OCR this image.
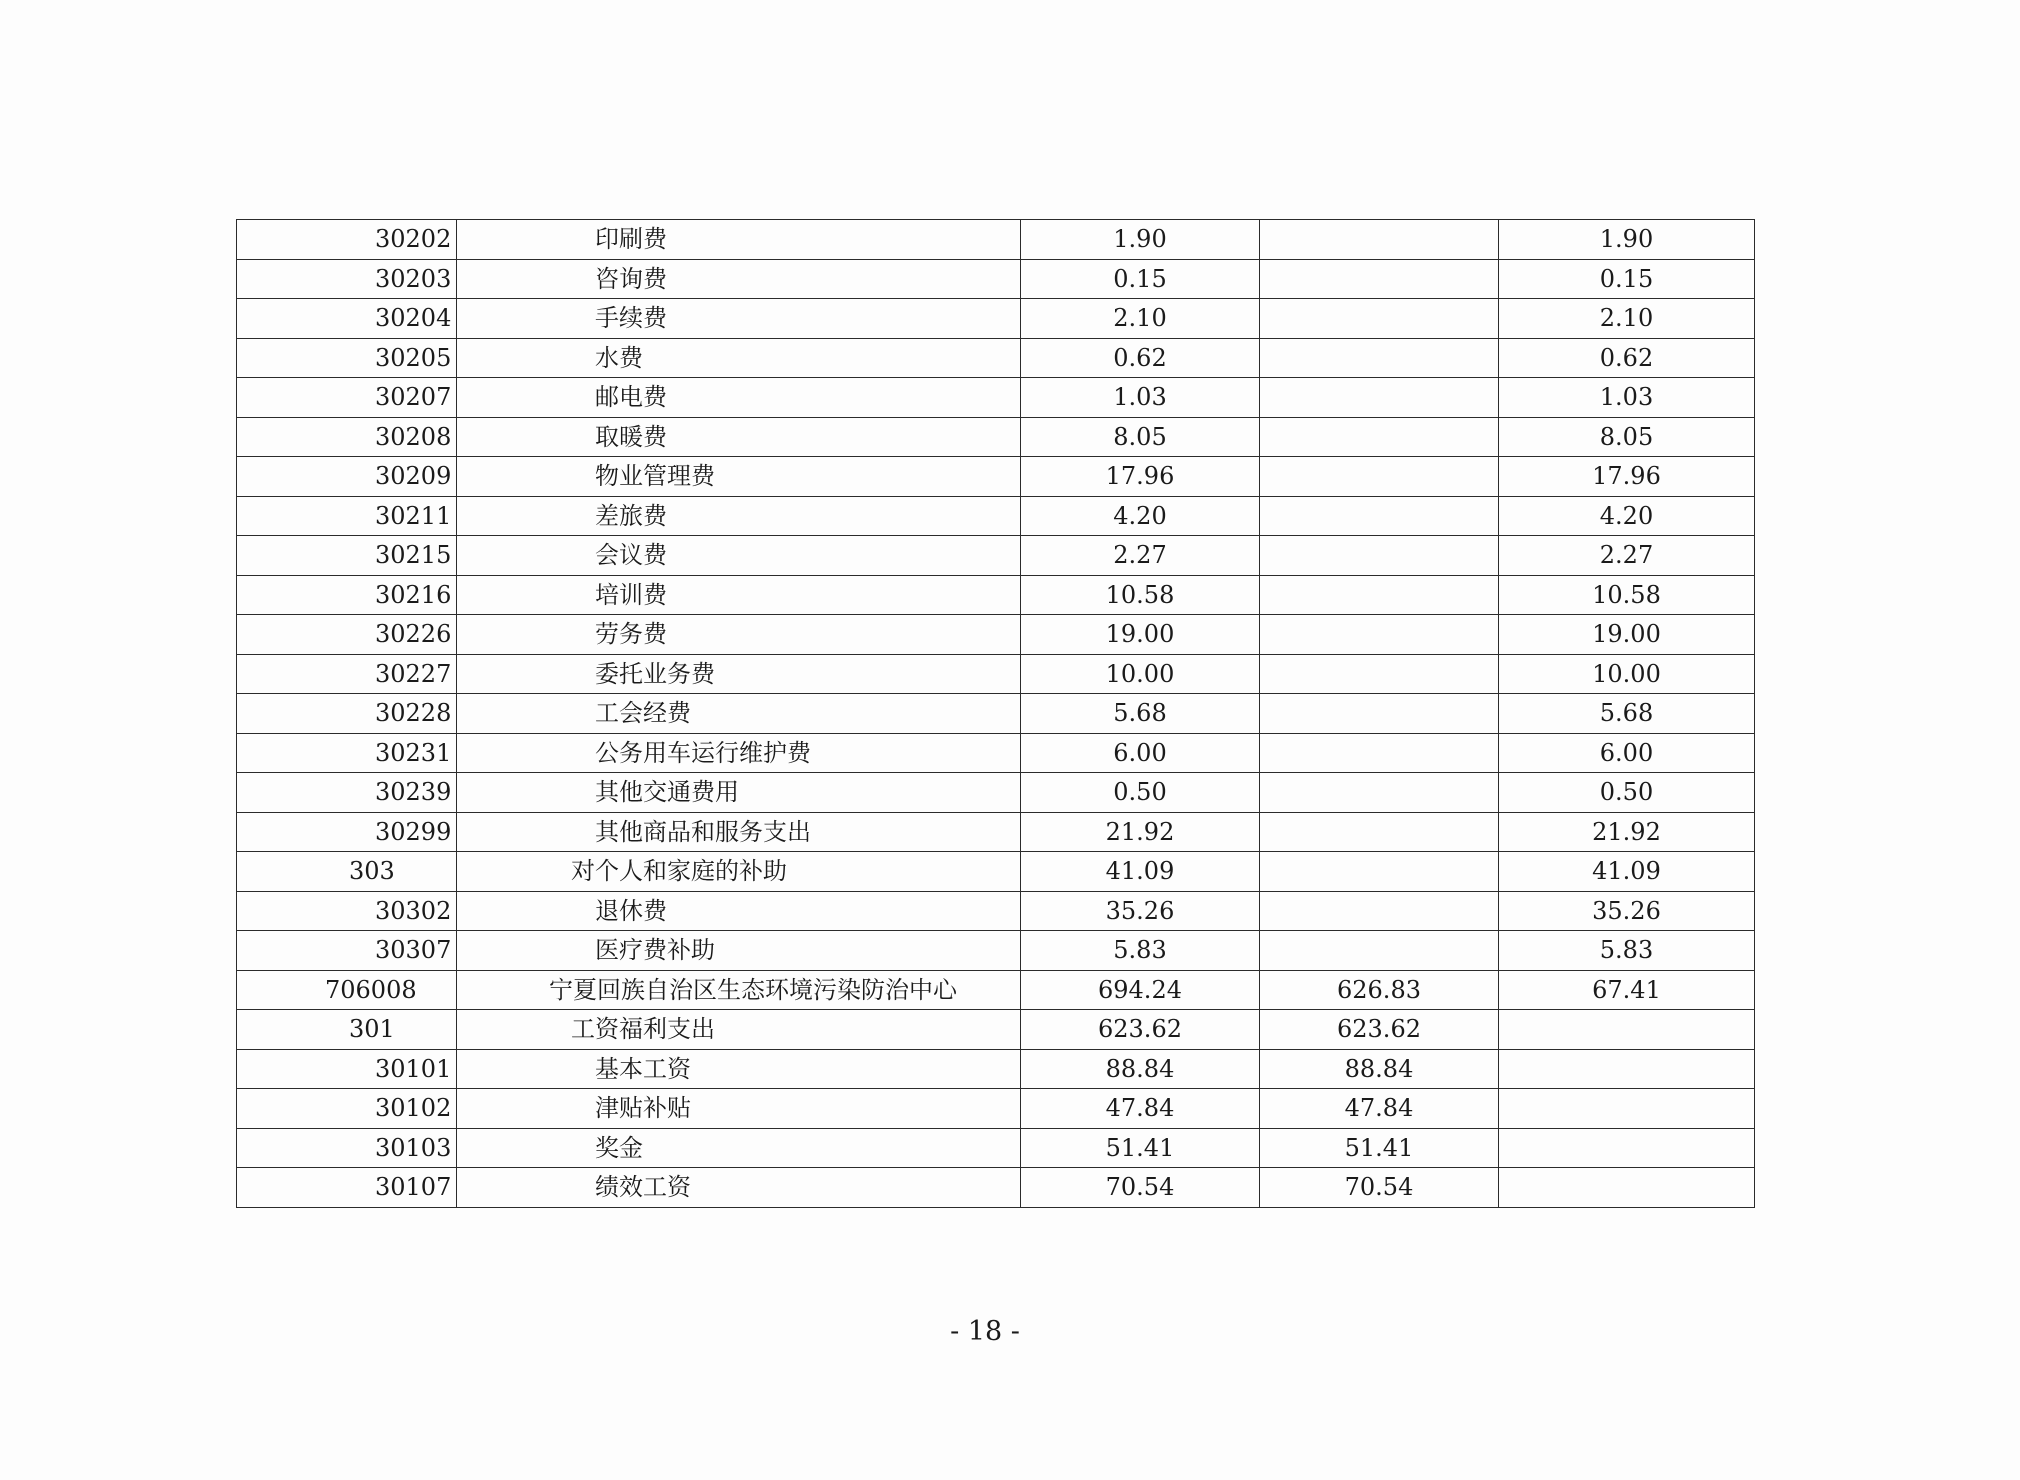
30202	印刷费	1.90		1.90
30203	咨询费	0.15		0.15
30204	手续费	2.10		2.10
30205	水费	0.62		0.62
30207	邮电费	1.03		1.03
30208	取暖费	8.05		8.05
30209	物业管理费	17.96		17.96
30211	差旅费	4.20		4.20
30215	会议费	2.27		2.27
30216	培训费	10.58		10.58
30226	劳务费	19.00		19.00
30227	委托业务费	10.00		10.00
30228	工会经费	5.68		5.68
30231	公务用车运行维护费	6.00		6.00
30239	其他交通费用	0.50		0.50
30299	其他商品和服务支出	21.92		21.92
303	对个人和家庭的补助	41.09		41.09
30302	退休费	35.26		35.26
30307	医疗费补助	5.83		5.83
706008	宁夏回族自治区生态环境污染防治中心	694.24	626.83	67.41
301	工资福利支出	623.62	623.62	
30101	基本工资	88.84	88.84	
30102	津贴补贴	47.84	47.84	
30103	奖金	51.41	51.41	
30107	绩效工资	70.54	70.54	
- 18 -
